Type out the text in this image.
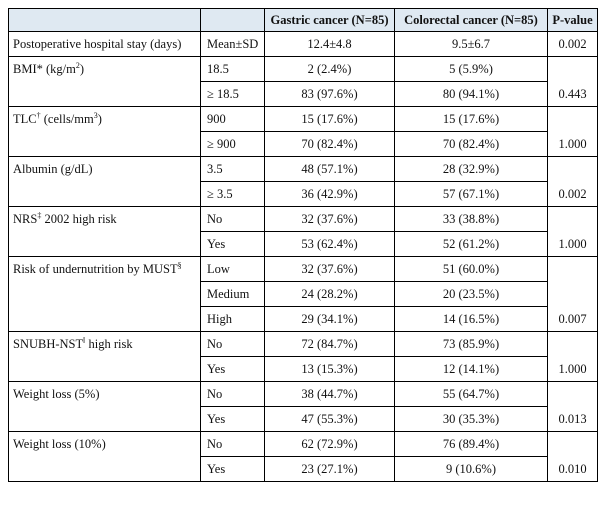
		Gastric cancer (N=85)	Colorectal cancer (N=85)	P-value
Postoperative hospital stay (days)	Mean±SD	12.4±4.8	9.5±6.7	0.002
BMI* $(kg/m^2)$	18.5	2 (2.4%)	5 (5.9%)	0.443
	≥ 18.5	83 (97.6%)	80 (94.1%)	
TLC† $(cells/mm^3)$	900	15 (17.6%)	15 (17.6%)	1.000
	≥ 900	70 (82.4%)	70 (82.4%)	
Albumin (g/dL)	3.5	48 (57.1%)	28 (32.9%)	0.002
	≥ 3.5	36 (42.9%)	57 (67.1%)	
NRS‡ 2002 high risk	No	32 (37.6%)	33 (38.8%)	1.000
	Yes	53 (62.4%)	52 (61.2%)	
Risk of undernutrition by MUST§	Low	32 (37.6%)	51 (60.0%)	0.007
	Medium	24 (28.2%)	20 (23.5%)	
	High	29 (34.1%)	14 (16.5%)	
SNUBH-NST‖ high risk	No	72 (84.7%)	73 (85.9%)	1.000
	Yes	13 (15.3%)	12 (14.1%)	
Weight loss (5%)	No	38 (44.7%)	55 (64.7%)	0.013
	Yes	47 (55.3%)	30 (35.3%)	
Weight loss (10%)	No	62 (72.9%)	76 (89.4%)	0.010
	Yes	23 (27.1%)	9 (10.6%)	
